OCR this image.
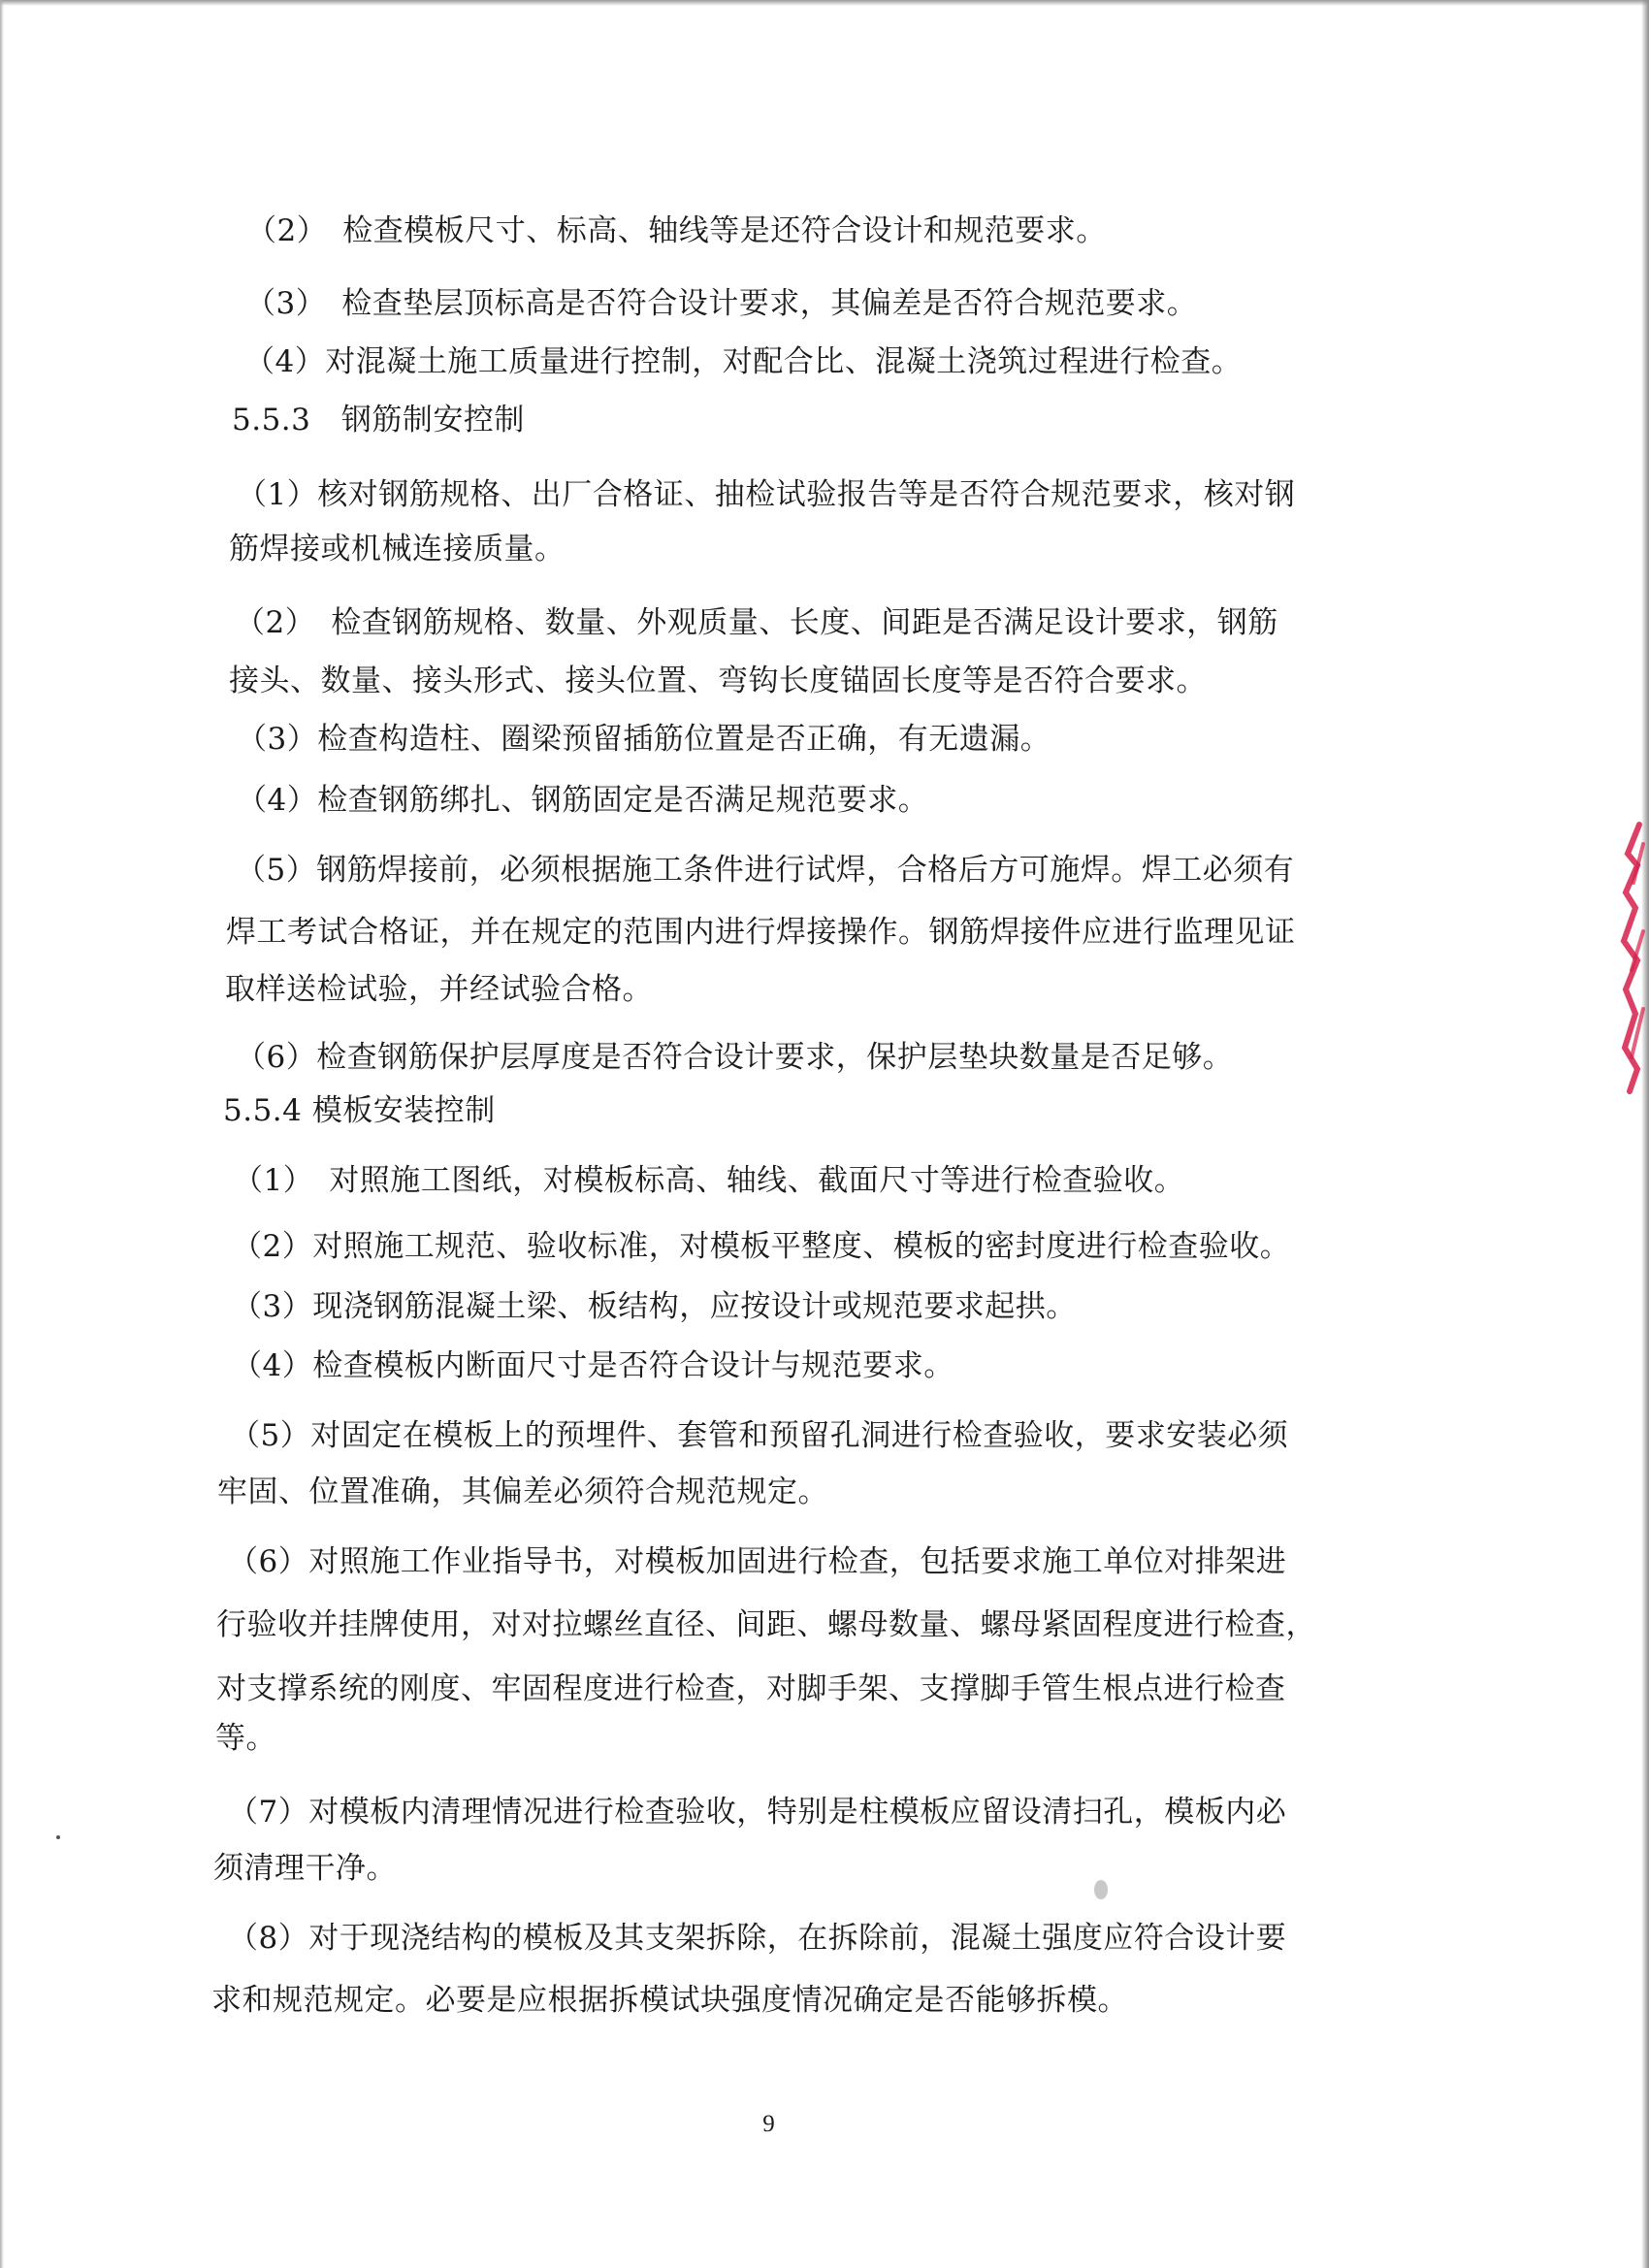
（2）　检查模板尺寸、标高、轴线等是还符合设计和规范要求。
（3）　检查垫层顶标高是否符合设计要求，其偏差是否符合规范要求。
（4）对混凝土施工质量进行控制，对配合比、混凝土浇筑过程进行检查。
5.5.3　钢筋制安控制
（1）核对钢筋规格、出厂合格证、抽检试验报告等是否符合规范要求，核对钢
筋焊接或机械连接质量。
（2）　检查钢筋规格、数量、外观质量、长度、间距是否满足设计要求，钢筋
接头、数量、接头形式、接头位置、弯钩长度锚固长度等是否符合要求。
（3）检查构造柱、圈梁预留插筋位置是否正确，有无遗漏。
（4）检查钢筋绑扎、钢筋固定是否满足规范要求。
（5）钢筋焊接前，必须根据施工条件进行试焊，合格后方可施焊。焊工必须有
焊工考试合格证，并在规定的范围内进行焊接操作。钢筋焊接件应进行监理见证
取样送检试验，并经试验合格。
（6）检查钢筋保护层厚度是否符合设计要求，保护层垫块数量是否足够。
5.5.4 模板安装控制
（1）　对照施工图纸，对模板标高、轴线、截面尺寸等进行检查验收。
（2）对照施工规范、验收标准，对模板平整度、模板的密封度进行检查验收。
（3）现浇钢筋混凝土梁、板结构，应按设计或规范要求起拱。
（4）检查模板内断面尺寸是否符合设计与规范要求。
（5）对固定在模板上的预埋件、套管和预留孔洞进行检查验收，要求安装必须
牢固、位置准确，其偏差必须符合规范规定。
（6）对照施工作业指导书，对模板加固进行检查，包括要求施工单位对排架进
行验收并挂牌使用，对对拉螺丝直径、间距、螺母数量、螺母紧固程度进行检查，
对支撑系统的刚度、牢固程度进行检查，对脚手架、支撑脚手管生根点进行检查
等。
（7）对模板内清理情况进行检查验收，特别是柱模板应留设清扫孔，模板内必
须清理干净。
（8）对于现浇结构的模板及其支架拆除，在拆除前，混凝土强度应符合设计要
求和规范规定。必要是应根据拆模试块强度情况确定是否能够拆模。
9
